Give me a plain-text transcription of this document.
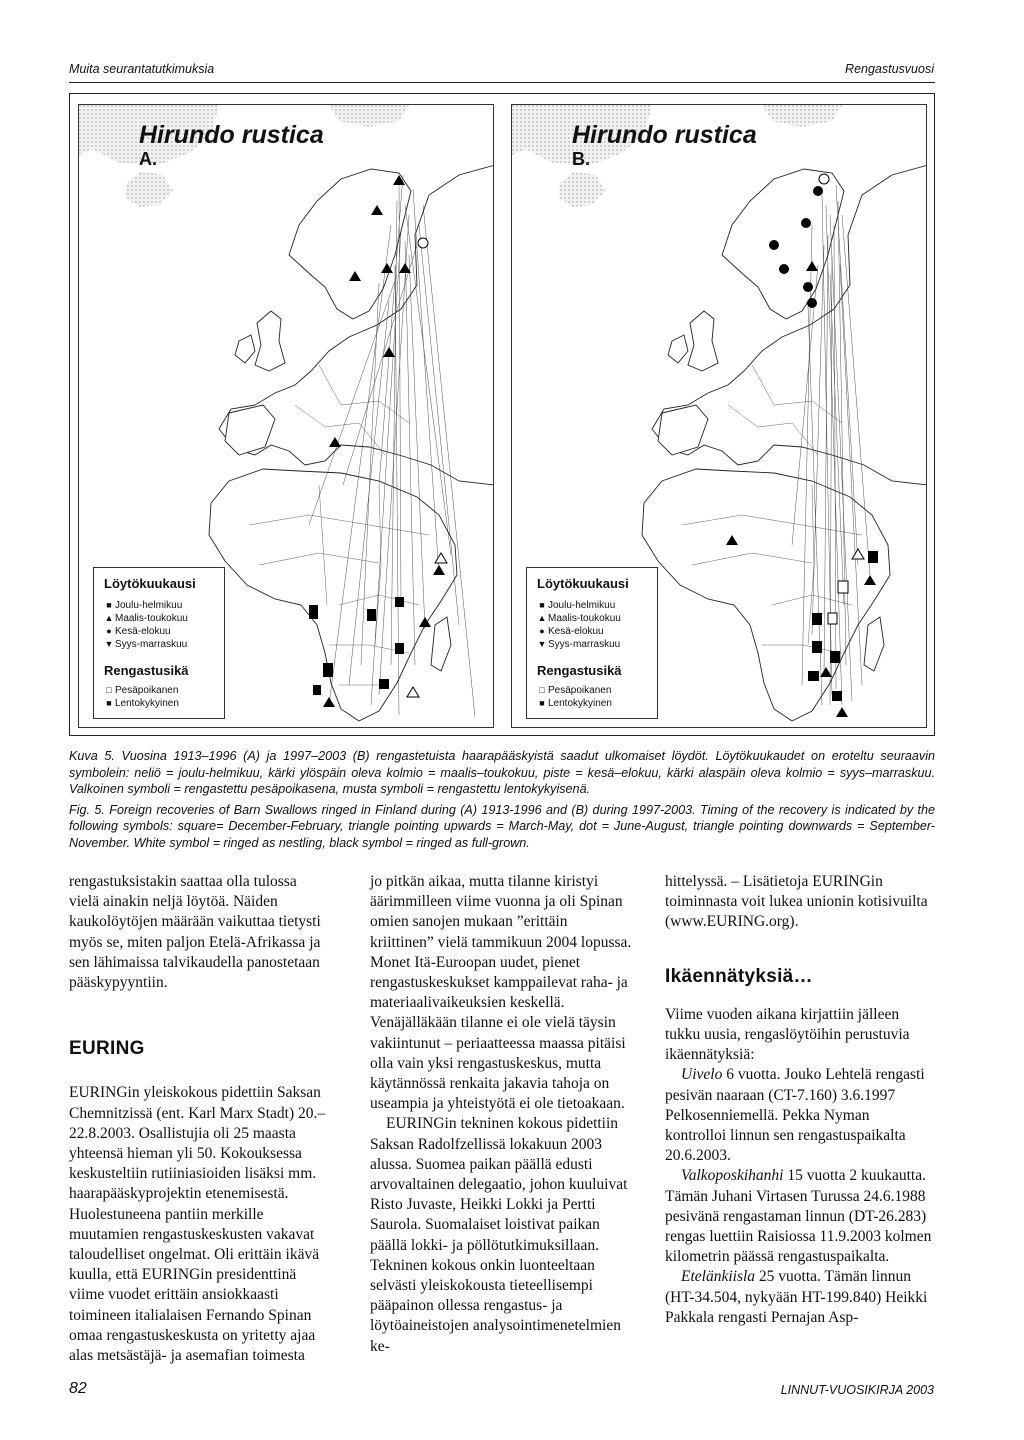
Muita seurantatutkimuksia	Rengastusvuosi
Hirundo rustica
A.
Löytökuukausi
■ Joulu-helmikuu
▲ Maalis-toukokuu
● Kesä-elokuu
▼ Syys-marraskuu
Rengastusikä
□ Pesäpoikanen
■ Lentokykyinen
Hirundo rustica
B.
Löytökuukausi
■ Joulu-helmikuu
▲ Maalis-toukokuu
● Kesä-elokuu
▼ Syys-marraskuu
Rengastusikä
□ Pesäpoikanen
■ Lentokykyinen

Kuva 5. Vuosina 1913–1996 (A) ja 1997–2003 (B) rengastetuista haarapääskyistä saadut ulkomaiset löydöt. Löytökuukaudet on eroteltu seuraavin symbolein: neliö = joulu-helmikuu, kärki ylöspäin oleva kolmio = maalis–toukokuu, piste = kesä–elokuu, kärki alaspäin oleva kolmio = syys–marraskuu. Valkoinen symboli = rengastettu pesäpoikasena, musta symboli = rengastettu lentokykyisenä.

Fig. 5. Foreign recoveries of Barn Swallows ringed in Finland during (A) 1913-1996 and (B) during 1997-2003. Timing of the recovery is indicated by the following symbols: square= December-February, triangle pointing upwards = March-May, dot = June-August, triangle pointing downwards = September-November. White symbol = ringed as nestling, black symbol = ringed as full-grown.

rengastuksistakin saattaa olla tulossa vielä ainakin neljä löytöä. Näiden kaukolöytöjen määrään vaikuttaa tietysti myös se, miten paljon Etelä-Afrikassa ja sen lähimaissa talvikaudella panostetaan pääskypyyntiin.

EURING

EURINGin yleiskokous pidettiin Saksan Chemnitzissä (ent. Karl Marx Stadt) 20.–22.8.2003. Osallistujia oli 25 maasta yhteensä hieman yli 50. Kokouksessa keskusteltiin rutiiniasioiden lisäksi mm. haarapääskyprojektin etenemisestä. Huolestuneena pantiin merkille muutamien rengastuskeskusten vakavat taloudelliset ongelmat. Oli erittäin ikävä kuulla, että EURINGin presidenttinä viime vuodet erittäin ansiokkaasti toimineen italialaisen Fernando Spinan omaa rengastuskeskusta on yritetty ajaa alas metsästäjä- ja asemafian toimesta

jo pitkän aikaa, mutta tilanne kiristyi äärimmilleen viime vuonna ja oli Spinan omien sanojen mukaan ”erittäin kriittinen” vielä tammikuun 2004 lopussa. Monet Itä-Euroopan uudet, pienet rengastuskeskukset kamppailevat raha- ja materiaalivaikeuksien keskellä. Venäjälläkään tilanne ei ole vielä täysin vakiintunut – periaatteessa maassa pitäisi olla vain yksi rengastuskeskus, mutta käytännössä renkaita jakavia tahoja on useampia ja yhteistyötä ei ole tietoakaan.

EURINGin tekninen kokous pidettiin Saksan Radolfzellissä lokakuun 2003 alussa. Suomea paikan päällä edusti arvovaltainen delegaatio, johon kuuluivat Risto Juvaste, Heikki Lokki ja Pertti Saurola. Suomalaiset loistivat paikan päällä lokki- ja pöllötutkimuksillaan. Tekninen kokous onkin luonteeltaan selvästi yleiskokousta tieteellisempi pääpainon ollessa rengastus- ja löytöaineistojen analysointimenetelmien ke-

hittelyssä. – Lisätietoja EURINGin toiminnasta voit lukea unionin kotisivuilta (www.EURING.org).

Ikäennätyksiä…

Viime vuoden aikana kirjattiin jälleen tukku uusia, rengaslöytöihin perustuvia ikäennätyksiä:

Uivelo 6 vuotta. Jouko Lehtelä rengasti pesivän naaraan (CT-7.160) 3.6.1997 Pelkosenniemellä. Pekka Nyman kontrolloi linnun sen rengastuspaikalta 20.6.2003.

Valkoposkihanhi 15 vuotta 2 kuukautta. Tämän Juhani Virtasen Turussa 24.6.1988 pesivänä rengastaman linnun (DT-26.283) rengas luettiin Raisiossa 11.9.2003 kolmen kilometrin päässä rengastuspaikalta.

Etelänkiisla 25 vuotta. Tämän linnun (HT-34.504, nykyään HT-199.840) Heikki Pakkala rengasti Pernajan Asp-

82	LINNUT-VUOSIKIRJA 2003
